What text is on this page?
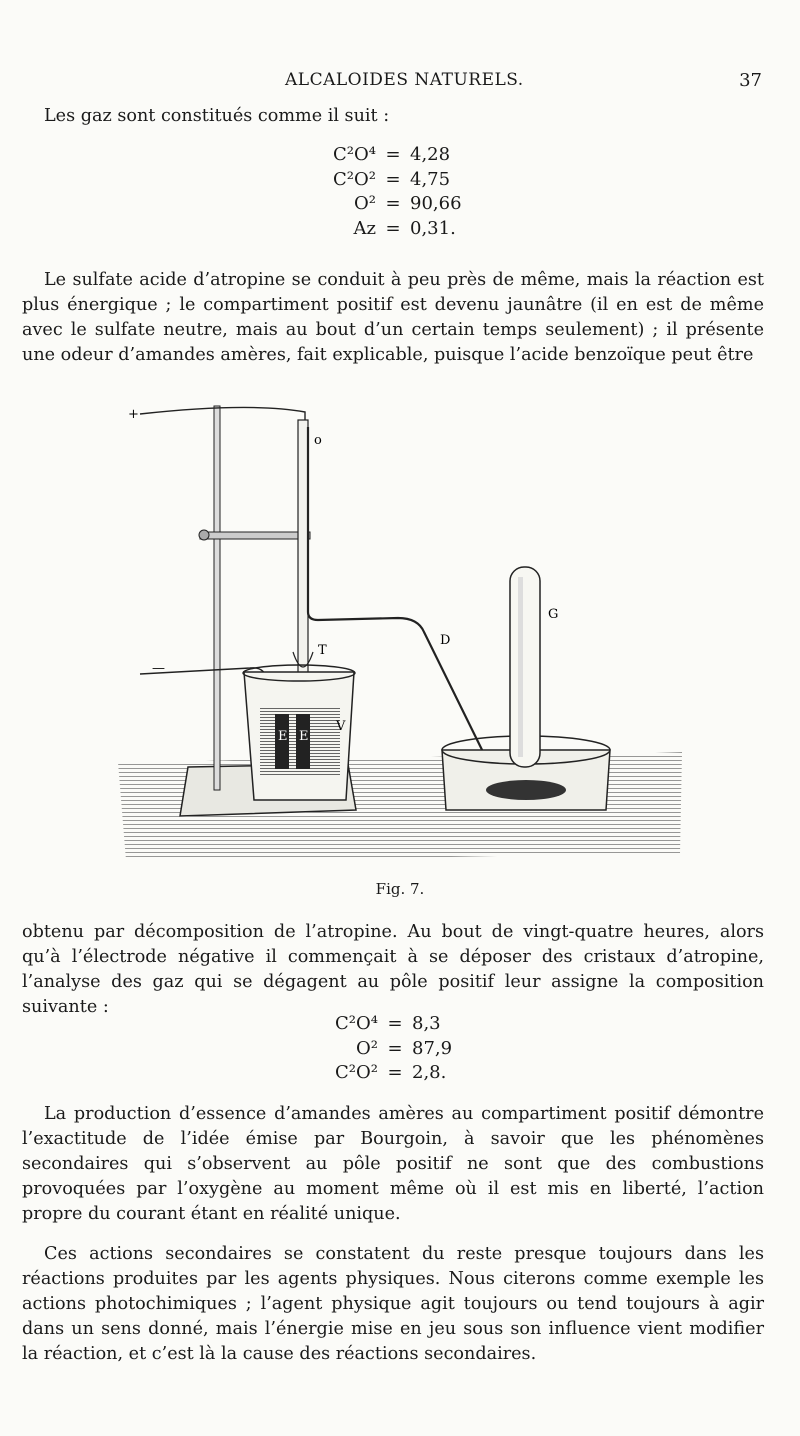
ALCALOIDES NATURELS.	37
Les gaz sont constitués comme il suit :
C²O⁴ = 4,28
C²O² = 4,75
O² = 90,66
Az = 0,31.
Le sulfate acide d’atropine se conduit à peu près de même, mais la réaction est plus énergique ; le compartiment positif est devenu jaunâtre (il en est de même avec le sulfate neutre, mais au bout d’un certain temps seulement) ; il présente une odeur d’amandes amères, fait explicable, puisque l’acide benzoïque peut être
+
—
o
D
T
V
E E
G
Fig. 7.
obtenu par décomposition de l’atropine. Au bout de vingt-quatre heures, alors qu’à l’électrode négative il commençait à se déposer des cristaux d’atropine, l’analyse des gaz qui se dégagent au pôle positif leur assigne la composition suivante :
C²O⁴ = 8,3
O² = 87,9
C²O² = 2,8.
La production d’essence d’amandes amères au compartiment positif démontre l’exactitude de l’idée émise par Bourgoin, à savoir que les phénomènes secondaires qui s’observent au pôle positif ne sont que des combustions provoquées par l’oxygène au moment même où il est mis en liberté, l’action propre du courant étant en réalité unique.
Ces actions secondaires se constatent du reste presque toujours dans les réactions produites par les agents physiques. Nous citerons comme exemple les actions photochimiques ; l’agent physique agit toujours ou tend toujours à agir dans un sens donné, mais l’énergie mise en jeu sous son influence vient modifier la réaction, et c’est là la cause des réactions secondaires.
